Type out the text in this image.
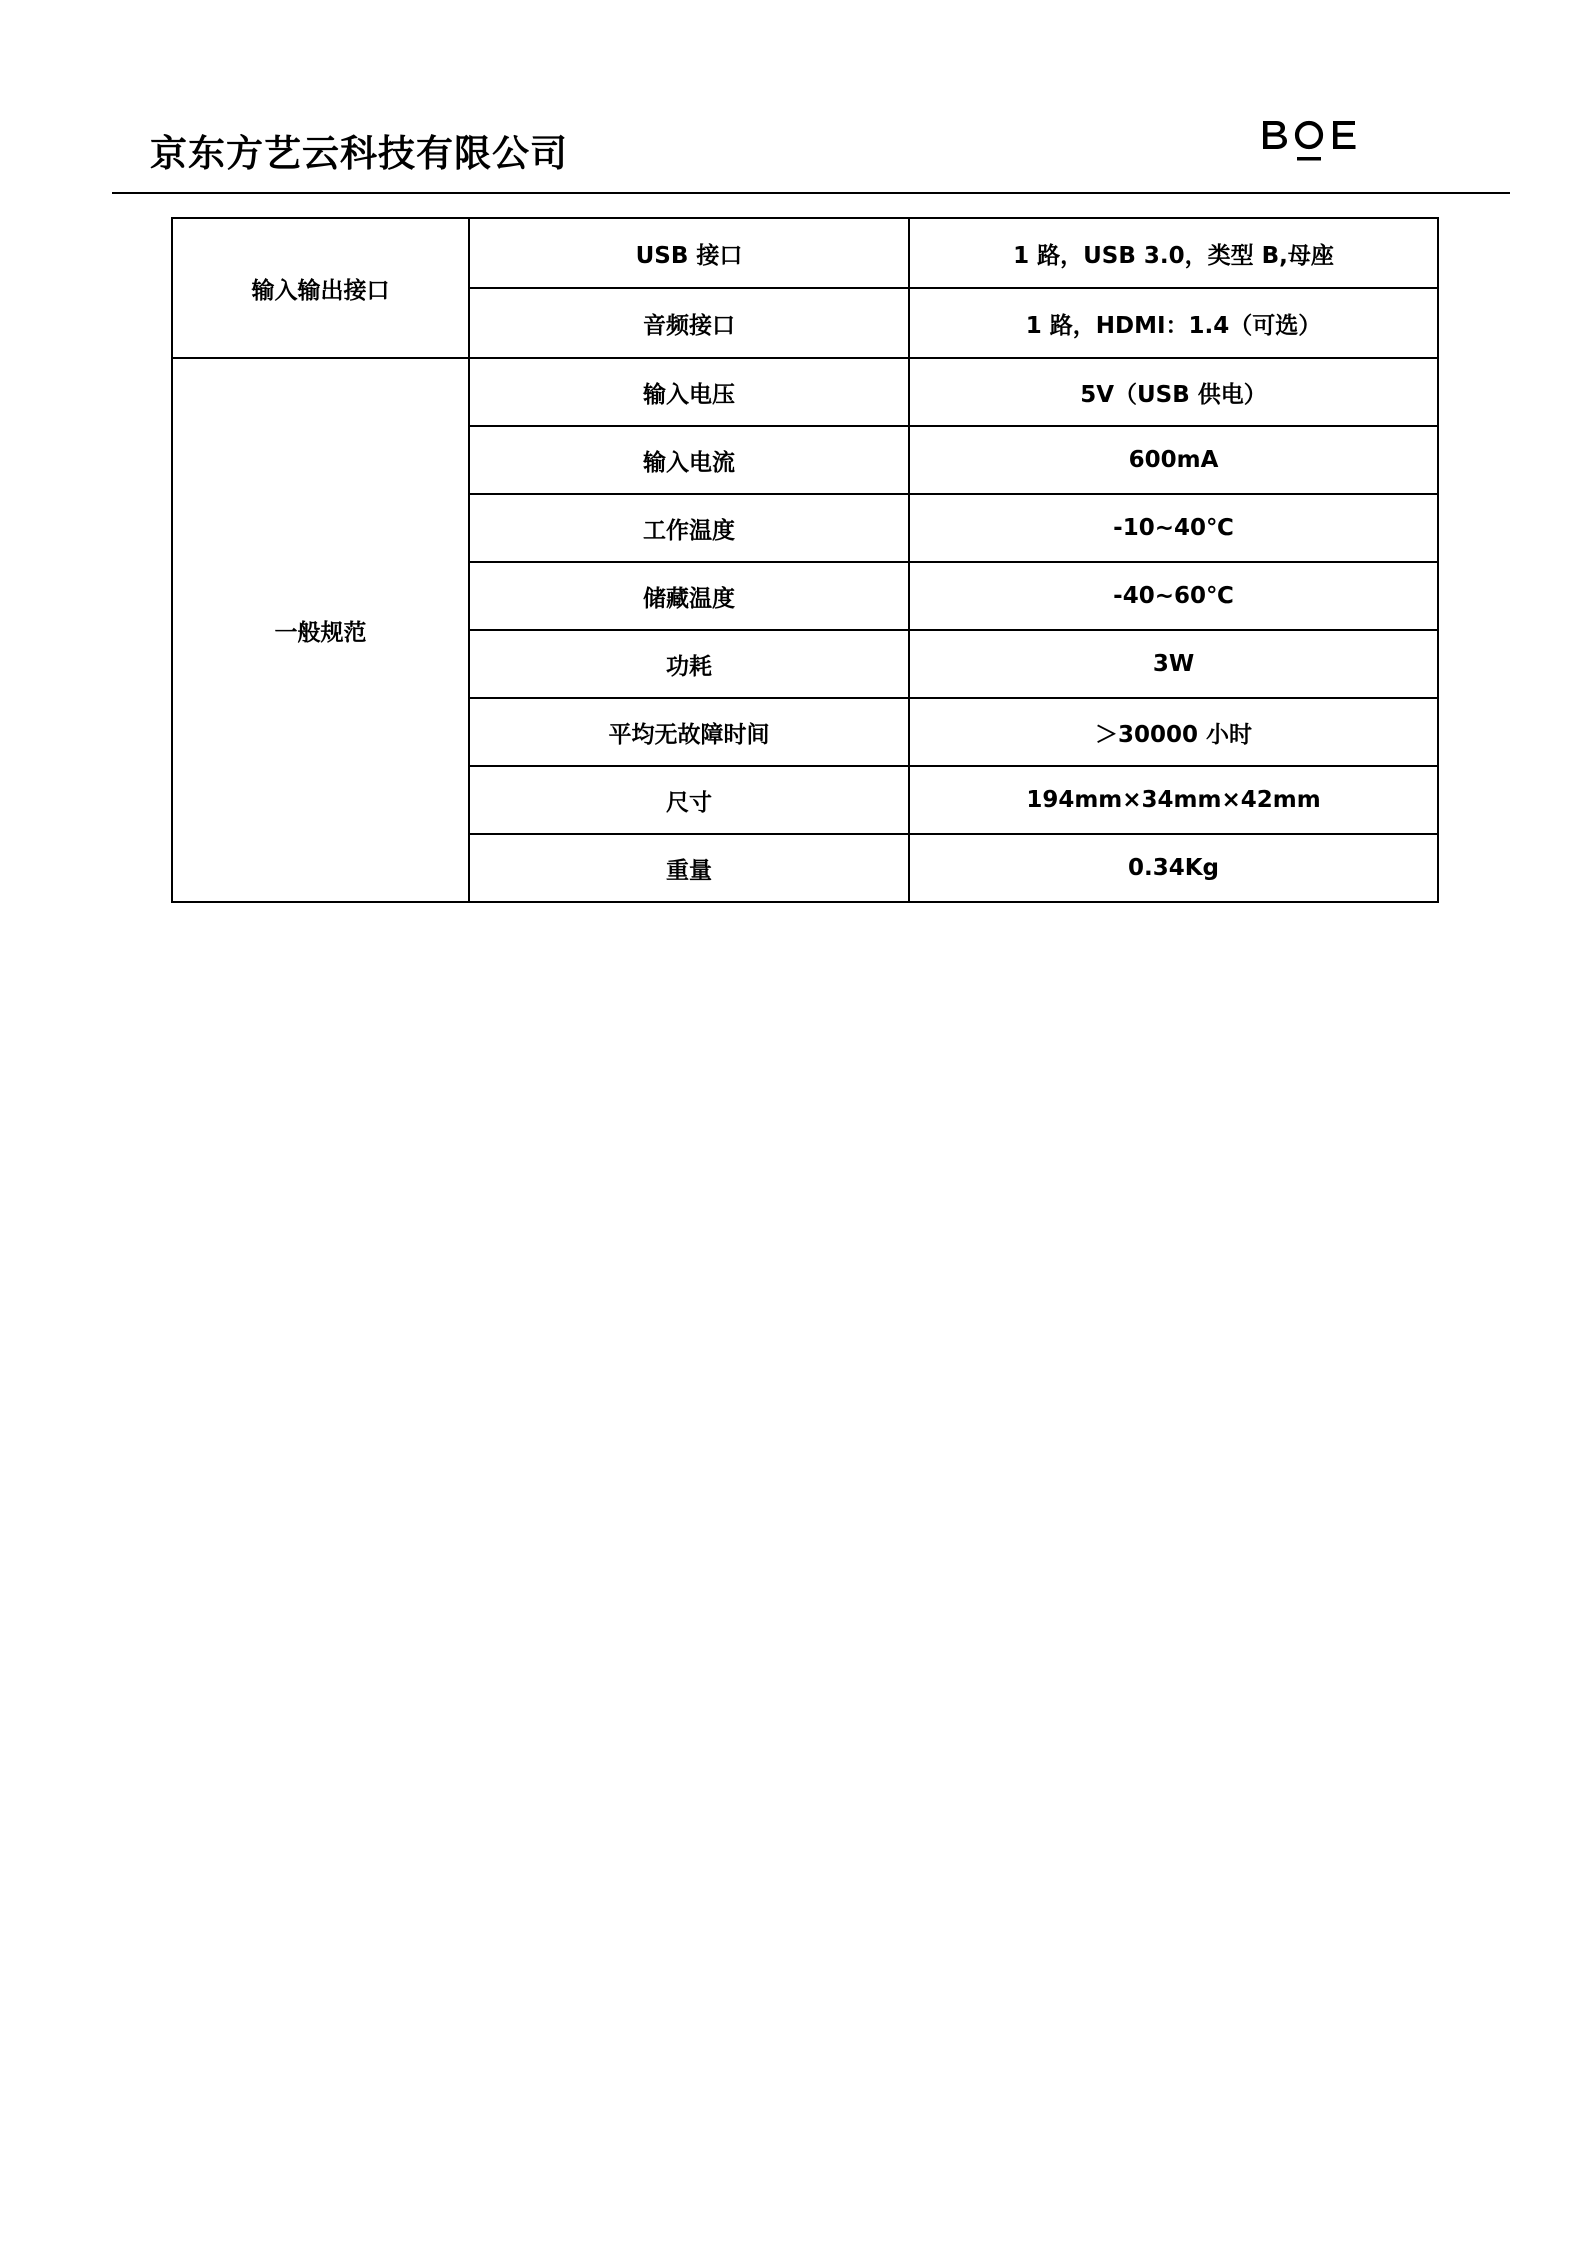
京东方艺云科技有限公司
输入输出接口	USB 接口	1 路，USB 3.0，类型 B,母座
	音频接口	1 路，HDMI：1.4（可选）
一般规范	输入电压	5V（USB 供电）
	输入电流	600mA
	工作温度	-10~40℃
	储藏温度	-40~60℃
	功耗	3W
	平均无故障时间	＞30000 小时
	尺寸	194mm×34mm×42mm
	重量	0.34Kg
